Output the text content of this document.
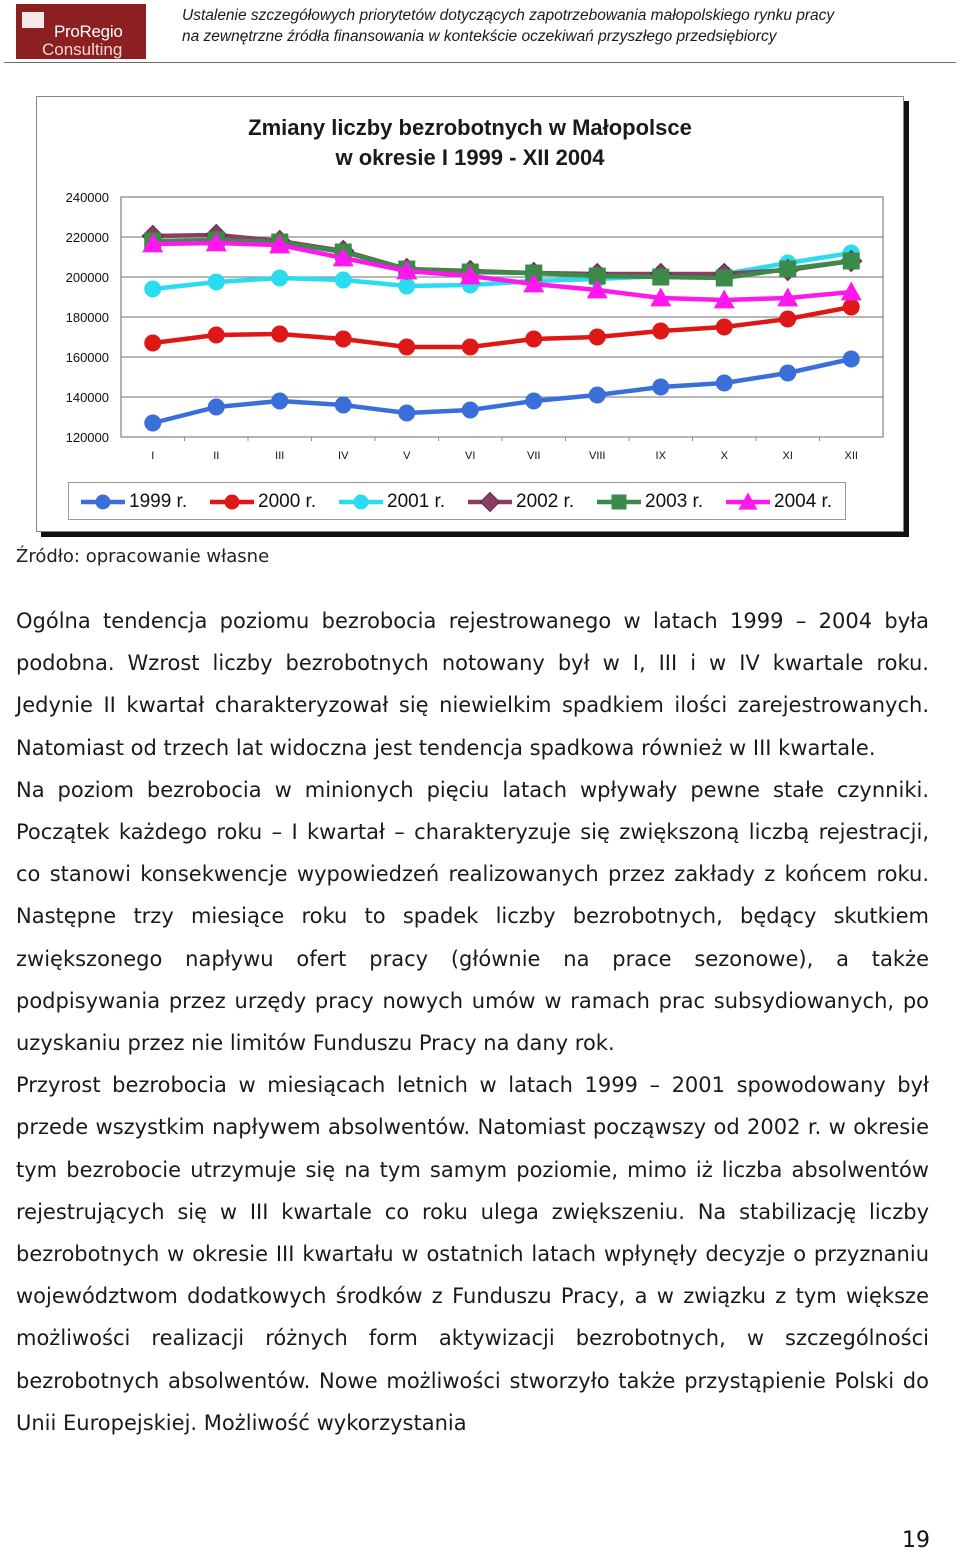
ProRegio
Consulting
Ustalenie szczegółowych priorytetów dotyczących zapotrzebowania małopolskiego rynku pracy
na zewnętrzne źródła finansowania w kontekście oczekiwań przyszłego przedsiębiorcy
120000
140000
160000
180000
200000
220000
240000
I	II	III	IV	V	VI	VII	VIII	IX	X	XI	XII
Zmiany liczby bezrobotnych w Małopolsce
w okresie I 1999 - XII 2004
1999 r.	2000 r.	2001 r.	2002 r.	2003 r.	2004 r.
Źródło: opracowanie własne

Ogólna tendencja poziomu bezrobocia rejestrowanego w latach 1999 – 2004 była podobna. Wzrost liczby bezrobotnych notowany był w I, III i w IV kwartale roku. Jedynie II kwartał charakteryzował się niewielkim spadkiem ilości zarejestrowanych. Natomiast od trzech lat widoczna jest tendencja spadkowa również w III kwartale.

Na poziom bezrobocia w minionych pięciu latach wpływały pewne stałe czynniki. Początek każdego roku – I kwartał – charakteryzuje się zwiększoną liczbą rejestracji, co stanowi konsekwencje wypowiedzeń realizowanych przez zakłady z końcem roku. Następne trzy miesiące roku to spadek liczby bezrobotnych, będący skutkiem zwiększonego napływu ofert pracy (głównie na prace sezonowe), a także podpisywania przez urzędy pracy nowych umów w ramach prac subsydiowanych, po uzyskaniu przez nie limitów Funduszu Pracy na dany rok.

Przyrost bezrobocia w miesiącach letnich w latach 1999 – 2001 spowodowany był przede wszystkim napływem absolwentów. Natomiast począwszy od 2002 r. w okresie tym bezrobocie utrzymuje się na tym samym poziomie, mimo iż liczba absolwentów rejestrujących się w III kwartale co roku ulega zwiększeniu. Na stabilizację liczby bezrobotnych w okresie III kwartału w ostatnich latach wpłynęły decyzje o przyznaniu województwom dodatkowych środków z Funduszu Pracy, a w związku z tym większe możliwości realizacji różnych form aktywizacji bezrobotnych, w szczególności bezrobotnych absolwentów. Nowe możliwości stworzyło także przystąpienie Polski do Unii Europejskiej. Możliwość wykorzystania

19
